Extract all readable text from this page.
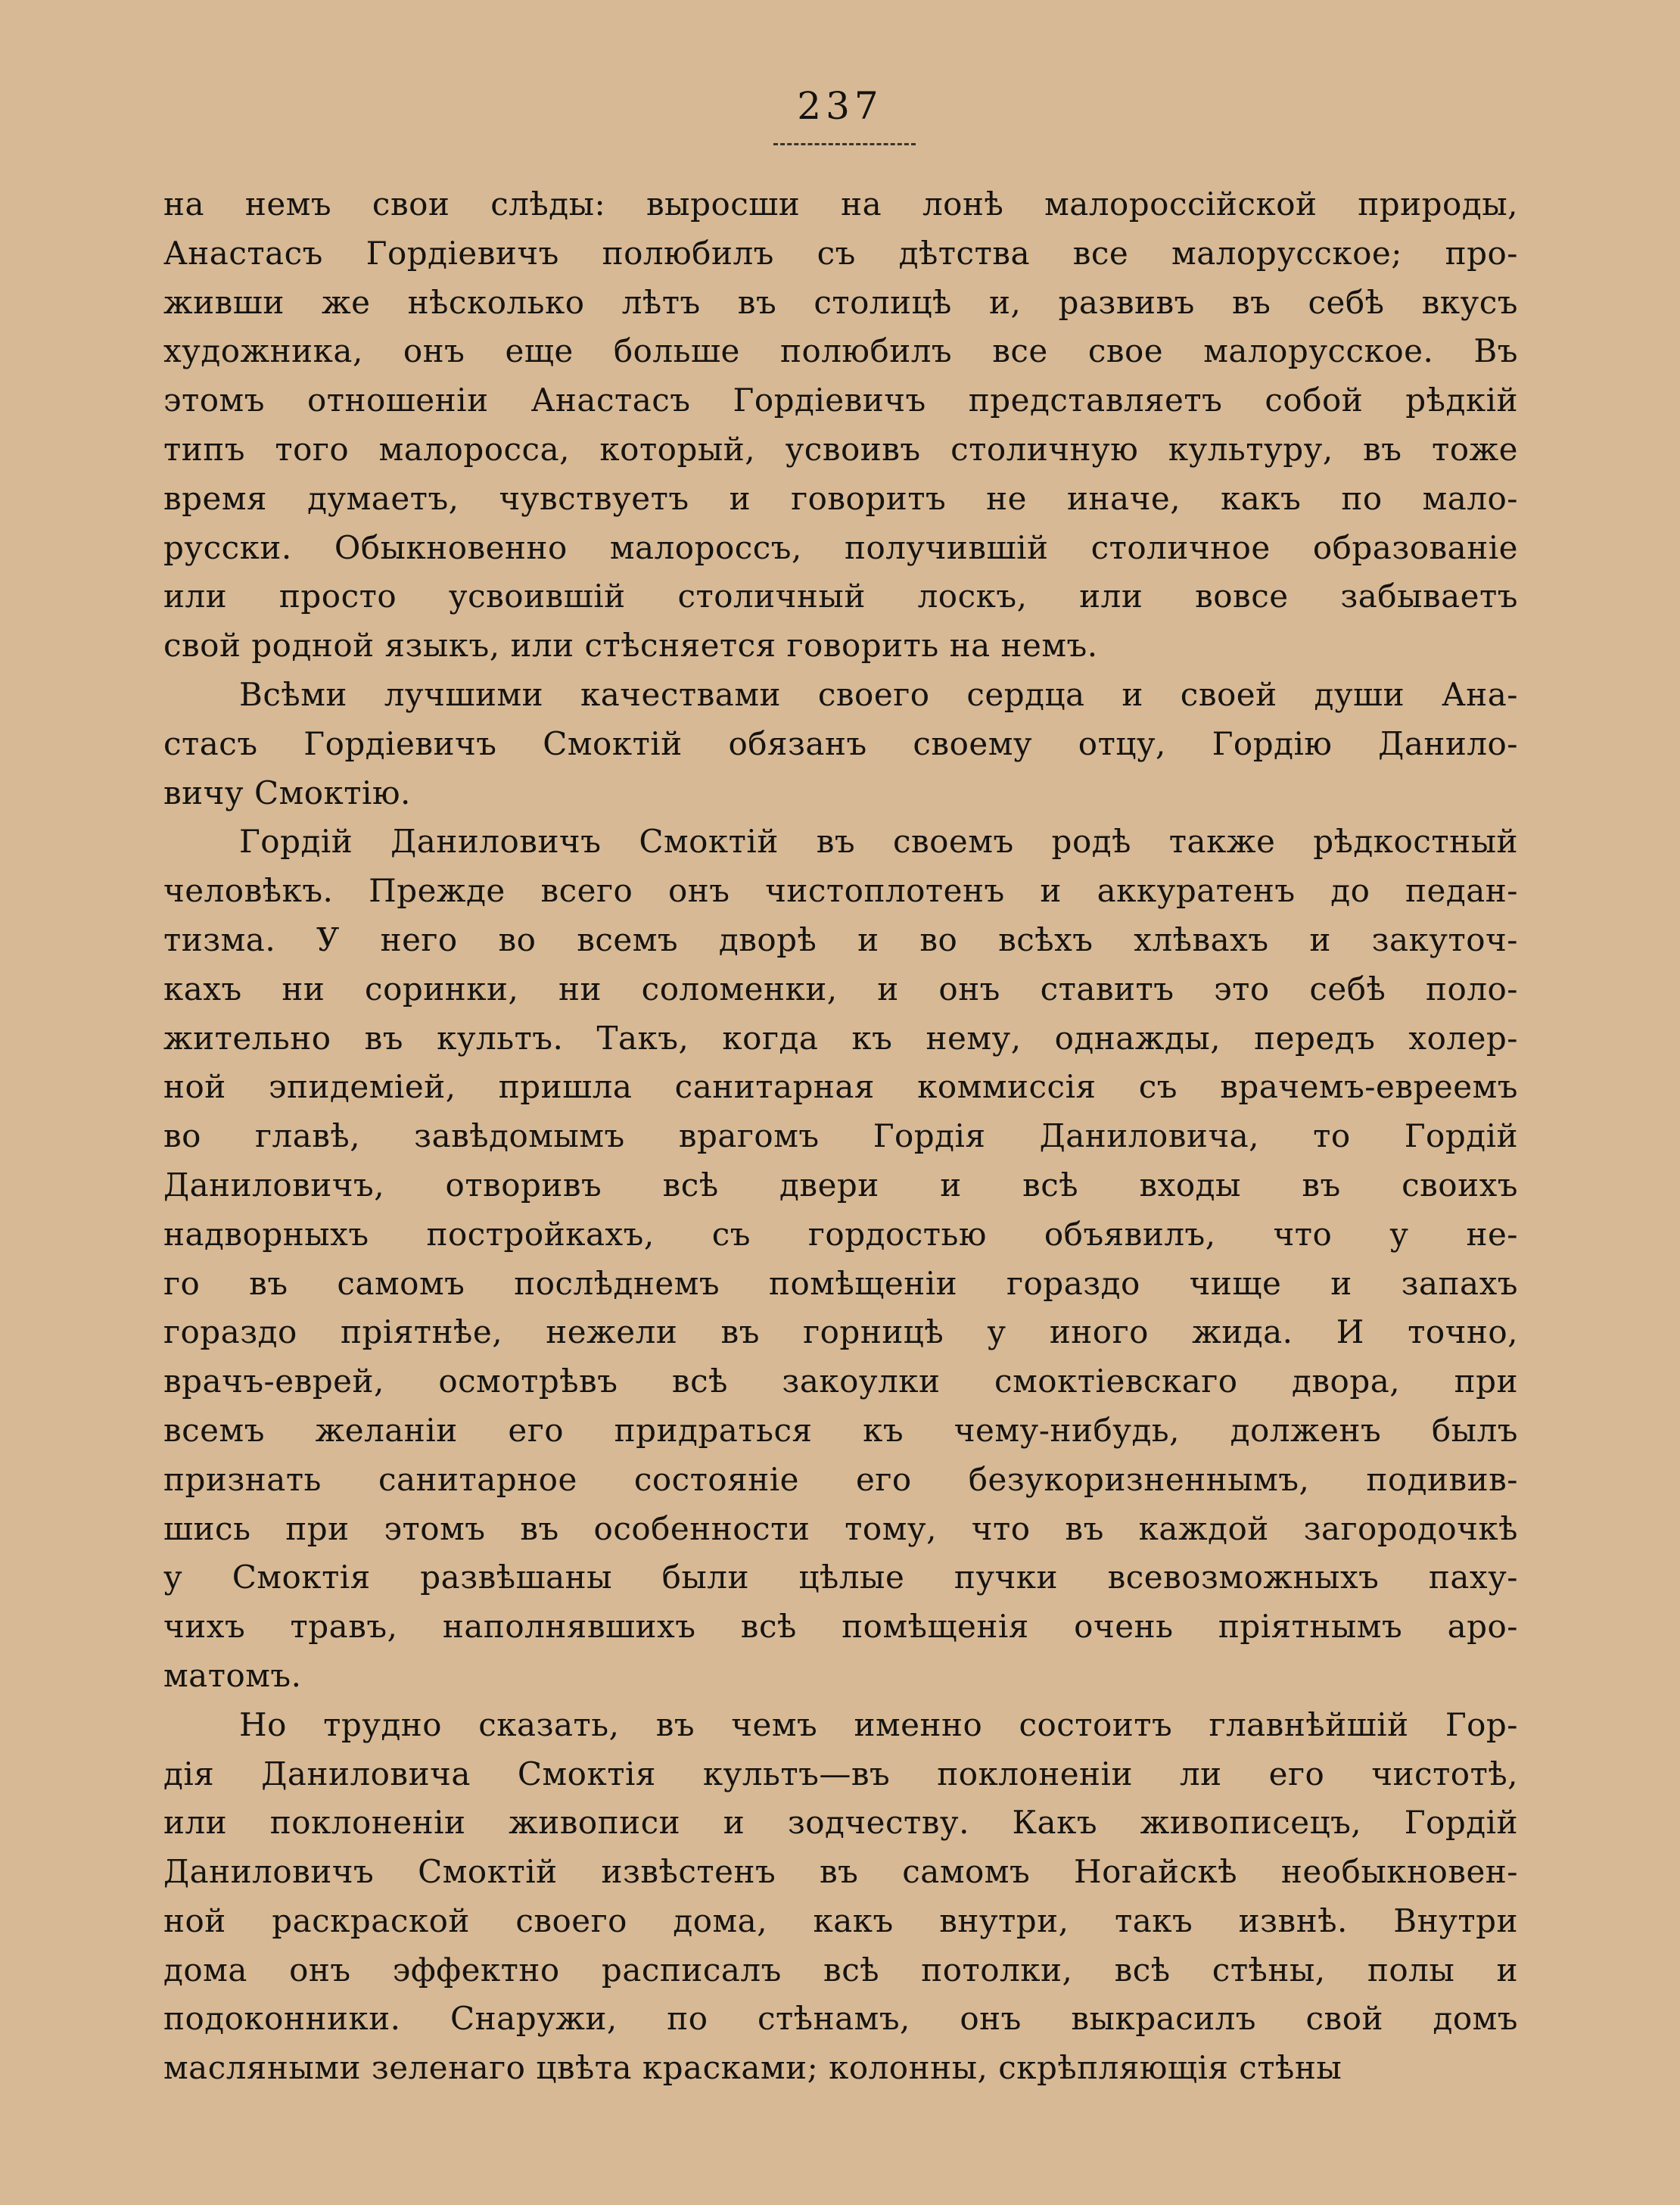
237
на немъ свои слѣды: выросши на лонѣ малороссійской природы,
Анастасъ Гордіевичъ полюбилъ съ дѣтства все малорусское; про-
живши же нѣсколько лѣтъ въ столицѣ и, развивъ въ себѣ вкусъ
художника, онъ еще больше полюбилъ все свое малорусское. Въ
этомъ отношеніи Анастасъ Гордіевичъ представляетъ собой рѣдкій
типъ того малоросса, который, усвоивъ столичную культуру, въ тоже
время думаетъ, чувствуетъ и говоритъ не иначе, какъ по мало-
русски. Обыкновенно малороссъ, получившій столичное образованіе
или просто усвоившій столичный лоскъ, или вовсе забываетъ
свой родной языкъ, или стѣсняется говорить на немъ.
Всѣми лучшими качествами своего сердца и своей души Ана-
стасъ Гордіевичъ Смоктій обязанъ своему отцу, Гордію Данило-
вичу Смоктію.
Гордій Даниловичъ Смоктій въ своемъ родѣ также рѣдкостный
человѣкъ. Прежде всего онъ чистоплотенъ и аккуратенъ до педан-
тизма. У него во всемъ дворѣ и во всѣхъ хлѣвахъ и закуточ-
кахъ ни соринки, ни соломенки, и онъ ставитъ это себѣ поло-
жительно въ культъ. Такъ, когда къ нему, однажды, передъ холер-
ной эпидеміей, пришла санитарная коммиссія съ врачемъ-евреемъ
во главѣ, завѣдомымъ врагомъ Гордія Даниловича, то Гордій
Даниловичъ, отворивъ всѣ двери и всѣ входы въ своихъ
надворныхъ постройкахъ, съ гордостью объявилъ, что у не-
го въ самомъ послѣднемъ помѣщеніи гораздо чище и запахъ
гораздо пріятнѣе, нежели въ горницѣ у иного жида. И точно,
врачъ-еврей, осмотрѣвъ всѣ закоулки смоктіевскаго двора, при
всемъ желаніи его придраться къ чему-нибудь, долженъ былъ
признать санитарное состояніе его безукоризненнымъ, подивив-
шись при этомъ въ особенности тому, что въ каждой загородочкѣ
у Смоктія развѣшаны были цѣлые пучки всевозможныхъ паху-
чихъ травъ, наполнявшихъ всѣ помѣщенія очень пріятнымъ аро-
матомъ.
Но трудно сказать, въ чемъ именно состоитъ главнѣйшій Гор-
дія Даниловича Смоктія культъ—въ поклоненіи ли его чистотѣ,
или поклоненіи живописи и зодчеству. Какъ живописецъ, Гордій
Даниловичъ Смоктій извѣстенъ въ самомъ Ногайскѣ необыкновен-
ной раскраской своего дома, какъ внутри, такъ извнѣ. Внутри
дома онъ эффектно расписалъ всѣ потолки, всѣ стѣны, полы и
подоконники. Снаружи, по стѣнамъ, онъ выкрасилъ свой домъ
масляными зеленаго цвѣта красками; колонны, скрѣпляющія стѣны
